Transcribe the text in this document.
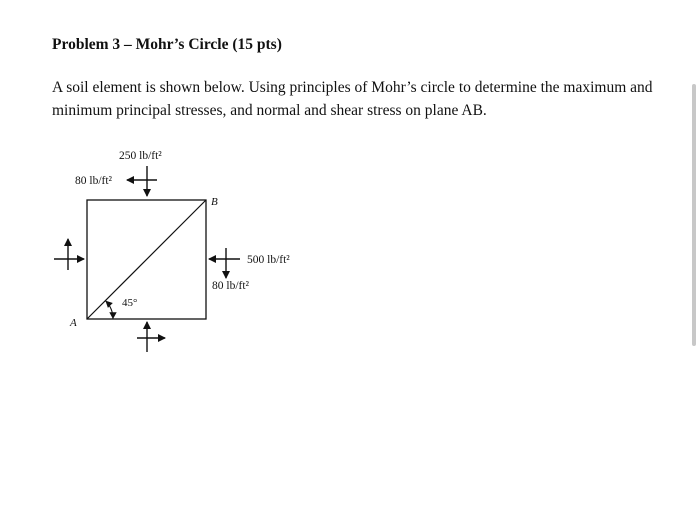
Problem 3 – Mohr’s Circle (15 pts)
A soil element is shown below. Using principles of Mohr’s circle to determine the maximum and minimum principal stresses, and normal and shear stress on plane AB.
250 lb/ft²
80 lb/ft²
500 lb/ft²
80 lb/ft²
B
A
45°
